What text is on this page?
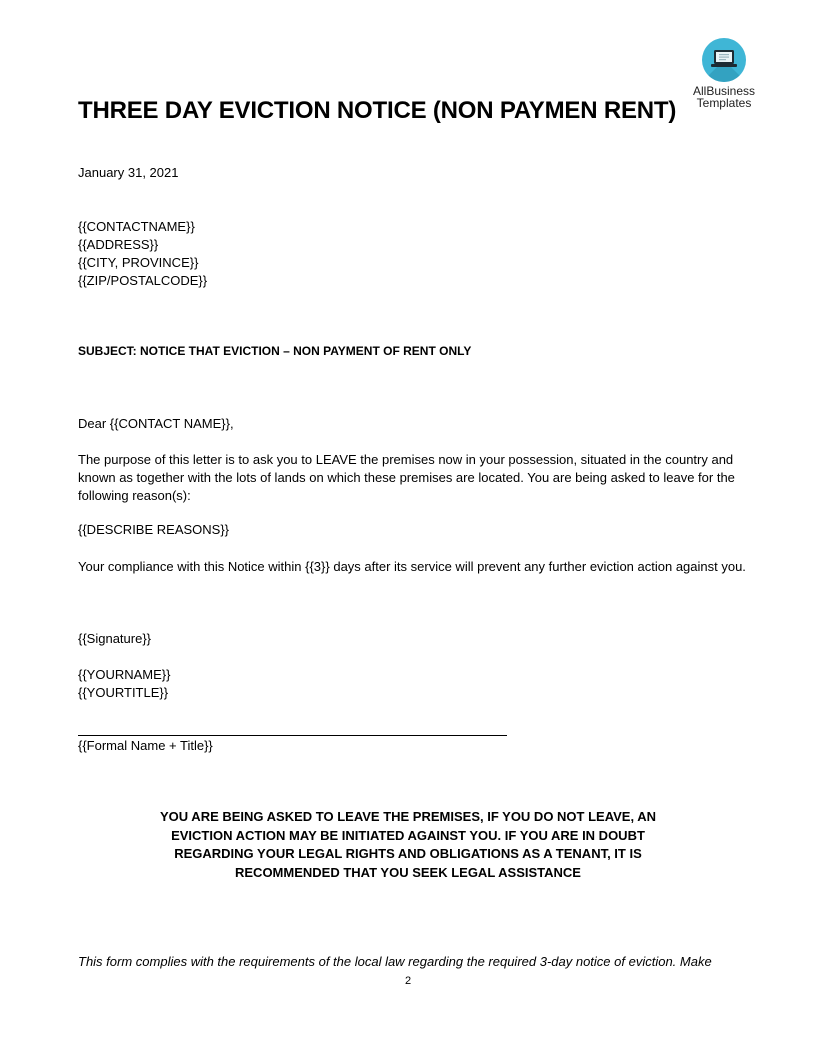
AllBusiness
Templates
THREE DAY EVICTION NOTICE (NON PAYMEN RENT)
January 31, 2021
{{CONTACTNAME}}
{{ADDRESS}}
{{CITY, PROVINCE}}
{{ZIP/POSTALCODE}}
SUBJECT: NOTICE THAT EVICTION – NON PAYMENT OF RENT ONLY
Dear {{CONTACT NAME}},
The purpose of this letter is to ask you to LEAVE the premises now in your possession, situated in the country and known as together with the lots of lands on which these premises are located. You are being asked to leave for the following reason(s):
{{DESCRIBE REASONS}}
Your compliance with this Notice within {{3}} days after its service will prevent any further eviction action against you.
{{Signature}}
{{YOURNAME}}
{{YOURTITLE}}
{{Formal Name + Title}}
YOU ARE BEING ASKED TO LEAVE THE PREMISES, IF YOU DO NOT LEAVE, AN EVICTION ACTION MAY BE INITIATED AGAINST YOU. IF YOU ARE IN DOUBT REGARDING YOUR LEGAL RIGHTS AND OBLIGATIONS AS A TENANT, IT IS RECOMMENDED THAT YOU SEEK LEGAL ASSISTANCE
This form complies with the requirements of the local law regarding the required 3-day notice of eviction. Make
2
